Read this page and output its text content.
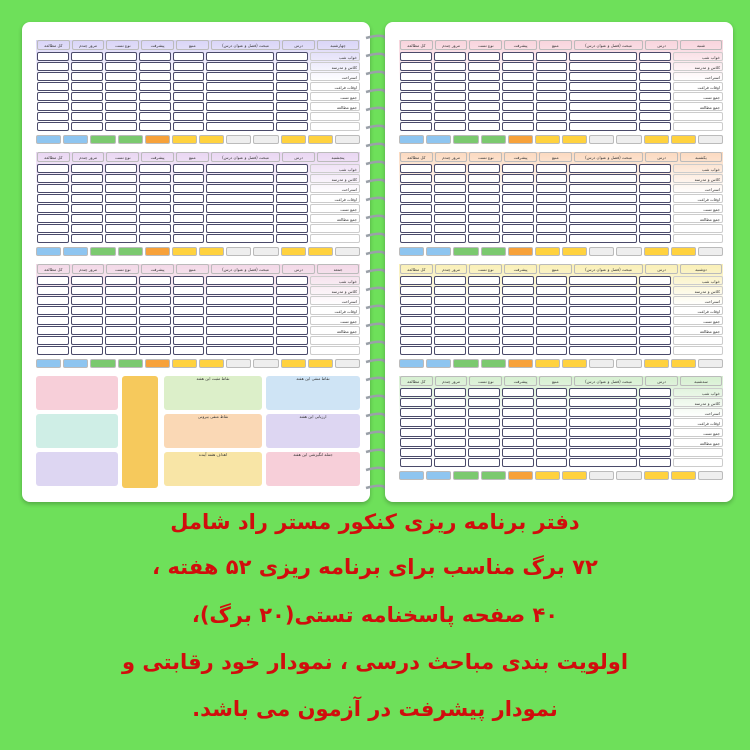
کل مطالعه	مرور چندم	نوع تست	پیشرفت	منبع	مبحث (فصل و عنوان درس)	درس	چهارشنبه
خواب شب
کلاس و مدرسه
استراحت
اوقات فراغت
جمع تست
جمع مطالعه
کل مطالعه	مرور چندم	نوع تست	پیشرفت	منبع	مبحث (فصل و عنوان درس)	درس	پنجشنبه
خواب شب
کلاس و مدرسه
استراحت
اوقات فراغت
جمع تست
جمع مطالعه
کل مطالعه	مرور چندم	نوع تست	پیشرفت	منبع	مبحث (فصل و عنوان درس)	درس	جمعه
خواب شب
کلاس و مدرسه
استراحت
اوقات فراغت
جمع تست
جمع مطالعه
نقاط مثبت این هفته	نقاط منفی این هفته
نقاط منفی بیرونی	ارزیابی این هفته
اهداف هفته آینده	جمله انگیزشی این هفته
کل مطالعه	مرور چندم	نوع تست	پیشرفت	منبع	مبحث (فصل و عنوان درس)	درس	شنبه
خواب شب
کلاس و مدرسه
استراحت
اوقات فراغت
جمع تست
جمع مطالعه
کل مطالعه	مرور چندم	نوع تست	پیشرفت	منبع	مبحث (فصل و عنوان درس)	درس	یکشنبه
خواب شب
کلاس و مدرسه
استراحت
اوقات فراغت
جمع تست
جمع مطالعه
کل مطالعه	مرور چندم	نوع تست	پیشرفت	منبع	مبحث (فصل و عنوان درس)	درس	دوشنبه
خواب شب
کلاس و مدرسه
استراحت
اوقات فراغت
جمع تست
جمع مطالعه
کل مطالعه	مرور چندم	نوع تست	پیشرفت	منبع	مبحث (فصل و عنوان درس)	درس	سه‌شنبه
خواب شب
کلاس و مدرسه
استراحت
اوقات فراغت
جمع تست
جمع مطالعه
دفتر برنامه ریزی کنکور مستر راد شامل
۷۲ برگ مناسب برای برنامه ریزی ۵۲ هفته ،
۴۰ صفحه پاسخنامه تستی(۲۰ برگ)،
اولویت بندی مباحث درسی ، نمودار خود رقابتی و
نمودار پیشرفت در آزمون می باشد.
